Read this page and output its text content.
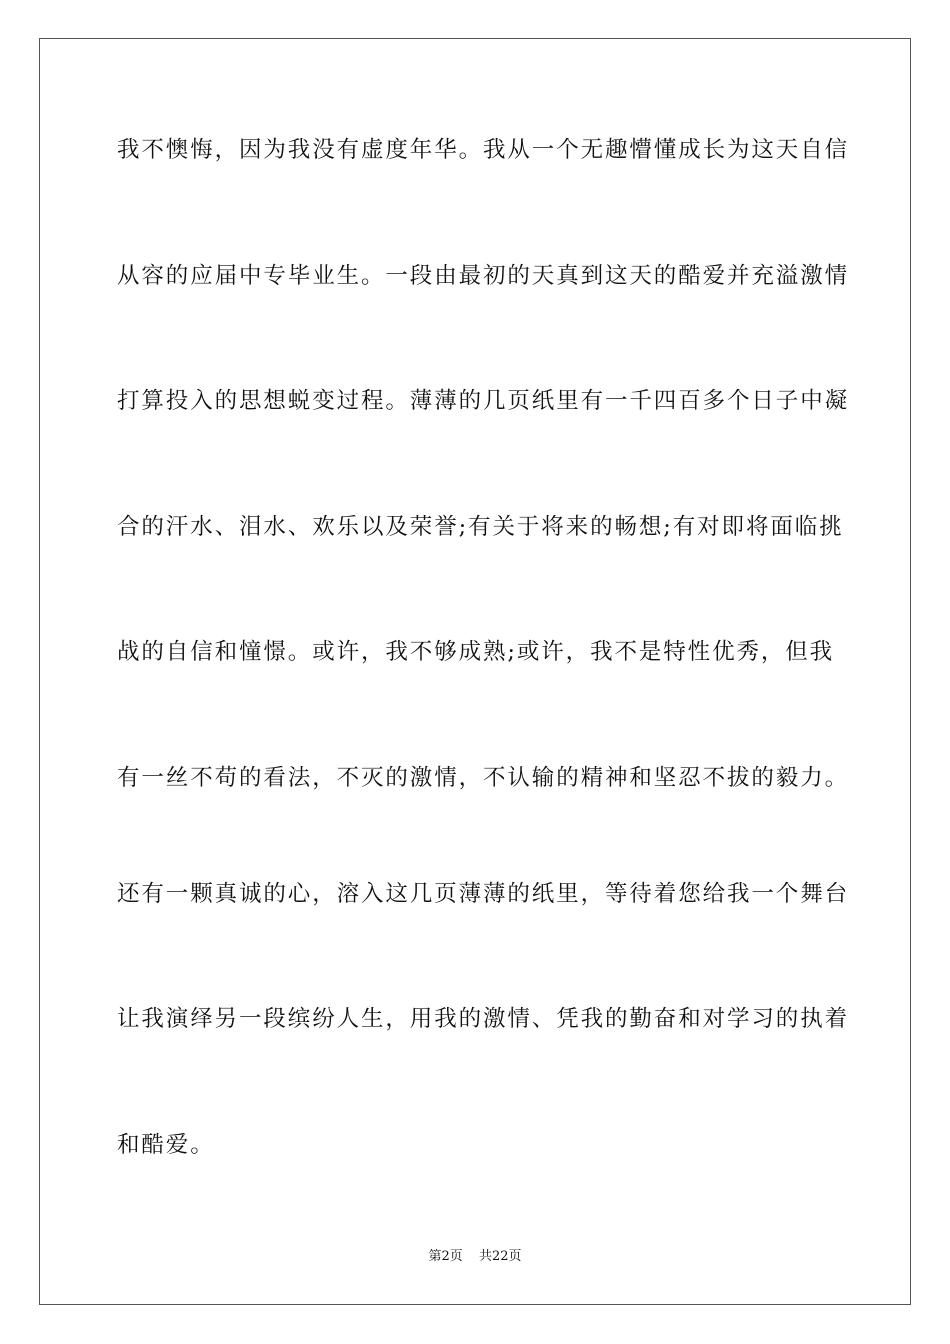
我不懊悔，因为我没有虚度年华。我从一个无趣懵懂成长为这天自信
从容的应届中专毕业生。一段由最初的天真到这天的酷爱并充溢激情
打算投入的思想蜕变过程。薄薄的几页纸里有一千四百多个日子中凝
合的汗水、泪水、欢乐以及荣誉;有关于将来的畅想;有对即将面临挑
战的自信和憧憬。或许，我不够成熟;或许，我不是特性优秀，但我
有一丝不苟的看法，不灭的激情，不认输的精神和坚忍不拔的毅力。
还有一颗真诚的心，溶入这几页薄薄的纸里，等待着您给我一个舞台
让我演绎另一段缤纷人生，用我的激情、凭我的勤奋和对学习的执着
和酷爱。
第2页 共22页
